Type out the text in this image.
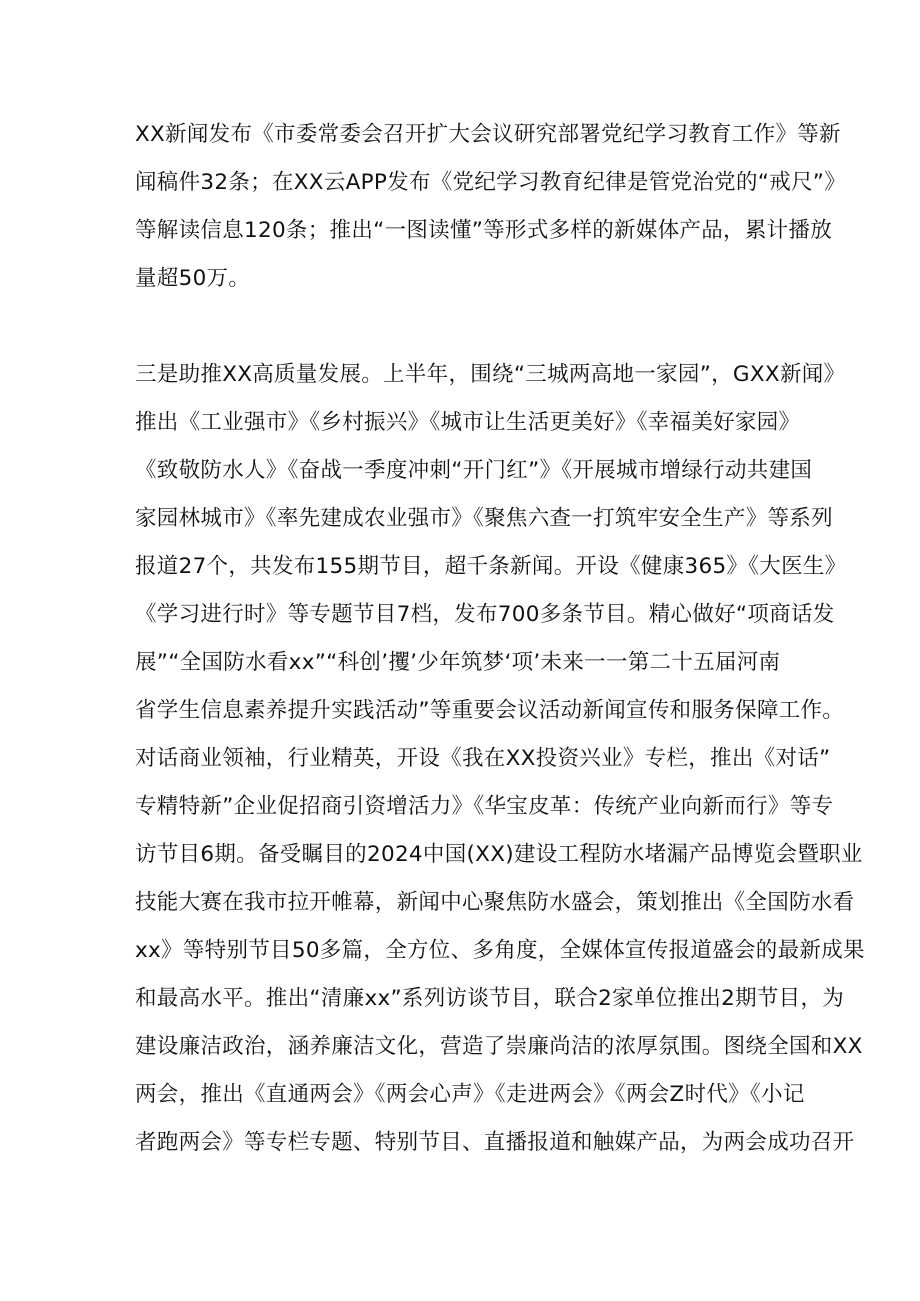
XX新闻发布《市委常委会召开扩大会议研究部署党纪学习教育工作》等新
闻稿件32条；在XX云APP发布《党纪学习教育纪律是管党治党的“戒尺”》
等解读信息120条；推出“一图读懂”等形式多样的新媒体产品，累计播放
量超50万。
三是助推XX高质量发展。上半年，围绕“三城两高地一家园”，GXX新闻》
推出《工业强市》《乡村振兴》《城市让生活更美好》《幸福美好家园》
《致敬防水人》《奋战一季度冲刺“开门红”》《开展城市增绿行动共建国
家园林城市》《率先建成农业强市》《聚焦六查一打筑牢安全生产》等系列
报道27个，共发布155期节目，超千条新闻。开设《健康365》《大医生》
《学习进行时》等专题节目7档，发布700多条节目。精心做好“项商话发
展”“全国防水看xx”“科创’攫’少年筑梦‘项’未来一一第二十五届河南
省学生信息素养提升实践活动”等重要会议活动新闻宣传和服务保障工作。
对话商业领袖，行业精英，开设《我在XX投资兴业》专栏，推出《对话”
专精特新”企业促招商引资增活力》《华宝皮革：传统产业向新而行》等专
访节目6期。备受瞩目的2024中国(XX)建设工程防水堵漏产品博览会暨职业
技能大赛在我市拉开帷幕，新闻中心聚焦防水盛会，策划推出《全国防水看
xx》等特别节目50多篇，全方位、多角度，全媒体宣传报道盛会的最新成果
和最高水平。推出“清廉xx”系列访谈节目，联合2家单位推出2期节目，为
建设廉洁政治，涵养廉洁文化，营造了崇廉尚洁的浓厚氛围。图绕全国和XX
两会，推出《直通两会》《两会心声》《走进两会》《两会Z时代》《小记
者跑两会》等专栏专题、特别节目、直播报道和触媒产品，为两会成功召开
